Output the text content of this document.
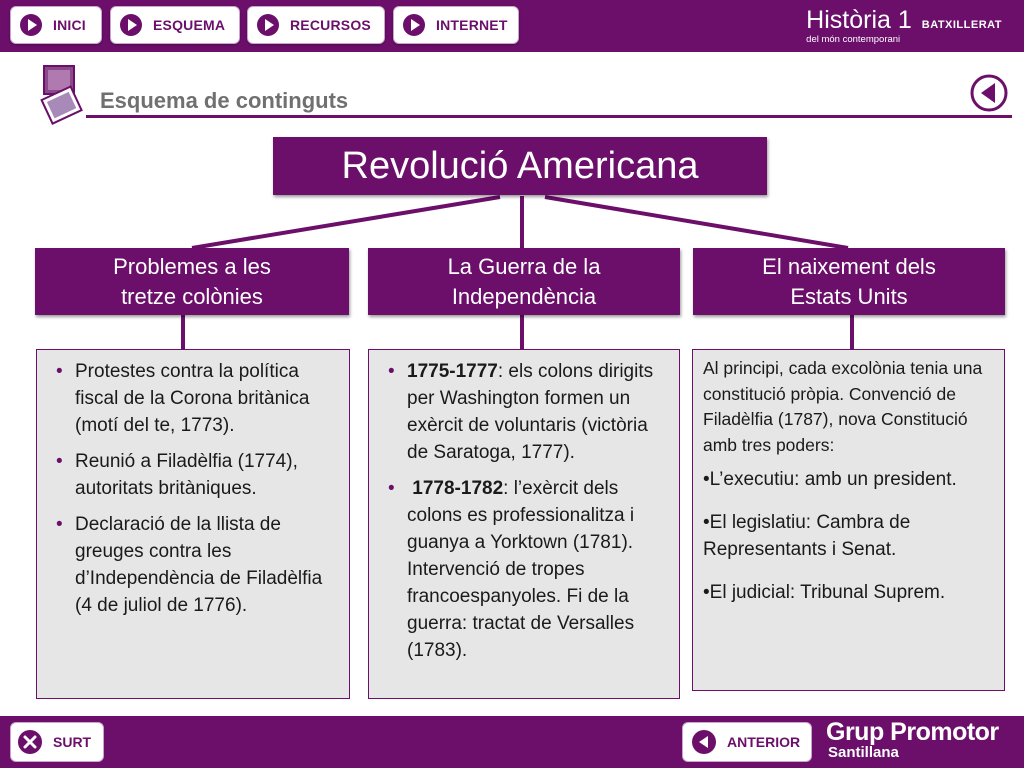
INICI	ESQUEMA	RECURSOS	INTERNET	Història 1 BATXILLERAT
del món contemporani
Esquema de continguts
Revolució Americana
Problemes a les
tretze colònies
La Guerra de la
Independència
El naixement dels
Estats Units
• Protestes contra la política fiscal de la Corona britànica (motí del te, 1773).
• Reunió a Filadèlfia (1774), autoritats britàniques.
• Declaració de la llista de greuges contra les d’Independència de Filadèlfia (4 de juliol de 1776).
• 1775-1777: els colons dirigits per Washington formen un exèrcit de voluntaris (victòria de Saratoga, 1777).
• 1778-1782: l’exèrcit dels colons es professionalitza i guanya a Yorktown (1781). Intervenció de tropes francoespanyoles. Fi de la guerra: tractat de Versalles (1783).
Al principi, cada excolònia tenia una constitució pròpia. Convenció de Filadèlfia (1787), nova Constitució amb tres poders:
•L’executiu: amb un president.
•El legislatiu: Cambra de Representants i Senat.
•El judicial: Tribunal Suprem.
SURT	ANTERIOR Grup Promotor
Santillana
